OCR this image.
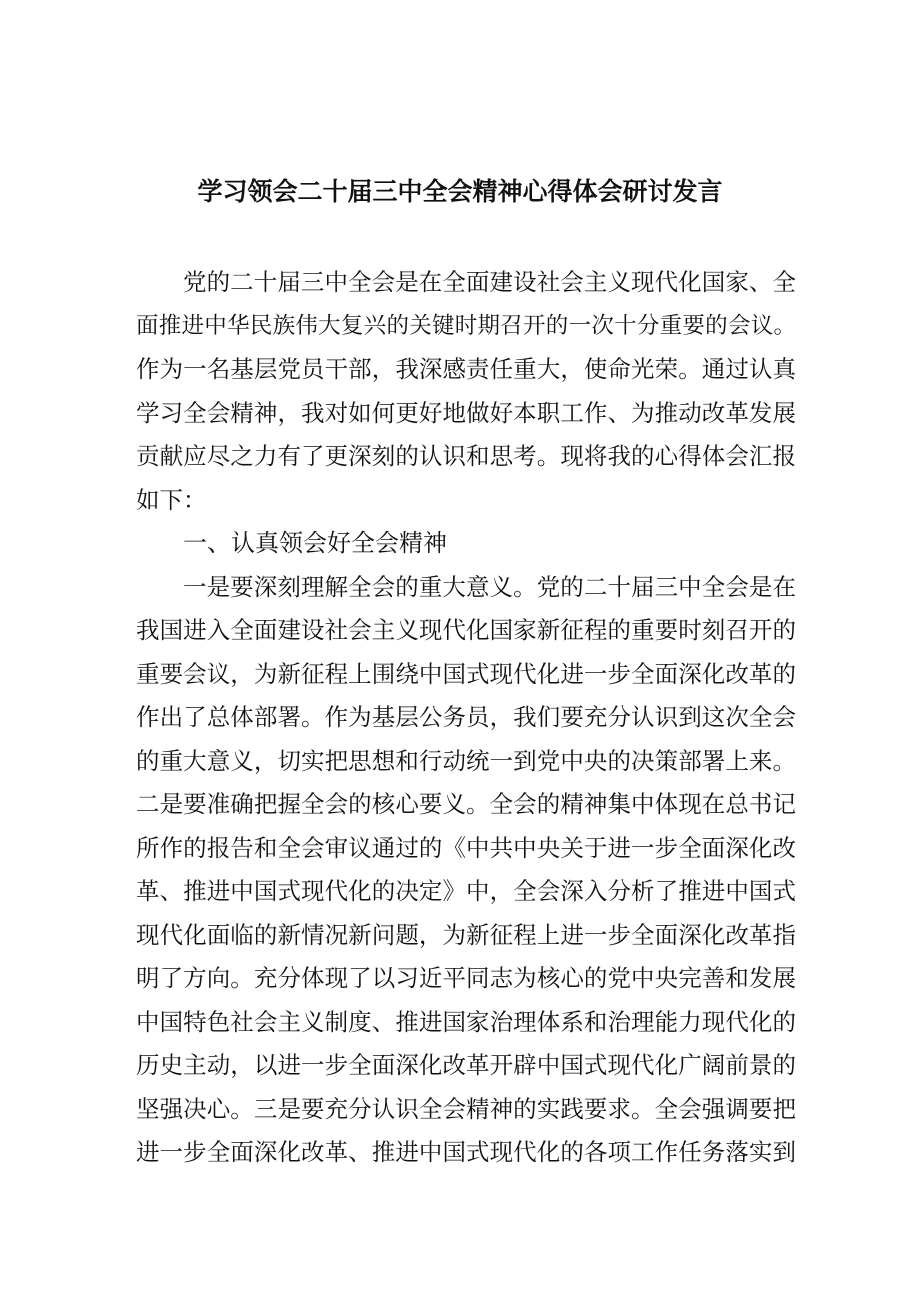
学习领会二十届三中全会精神心得体会研讨发言
党的二十届三中全会是在全面建设社会主义现代化国家、全
面推进中华民族伟大复兴的关键时期召开的一次十分重要的会议。
作为一名基层党员干部，我深感责任重大，使命光荣。通过认真
学习全会精神，我对如何更好地做好本职工作、为推动改革发展
贡献应尽之力有了更深刻的认识和思考。现将我的心得体会汇报
如下：
一、认真领会好全会精神
一是要深刻理解全会的重大意义。党的二十届三中全会是在
我国进入全面建设社会主义现代化国家新征程的重要时刻召开的
重要会议，为新征程上围绕中国式现代化进一步全面深化改革的
作出了总体部署。作为基层公务员，我们要充分认识到这次全会
的重大意义，切实把思想和行动统一到党中央的决策部署上来。
二是要准确把握全会的核心要义。全会的精神集中体现在总书记
所作的报告和全会审议通过的《中共中央关于进一步全面深化改
革、推进中国式现代化的决定》中，全会深入分析了推进中国式
现代化面临的新情况新问题，为新征程上进一步全面深化改革指
明了方向。充分体现了以习近平同志为核心的党中央完善和发展
中国特色社会主义制度、推进国家治理体系和治理能力现代化的
历史主动，以进一步全面深化改革开辟中国式现代化广阔前景的
坚强决心。三是要充分认识全会精神的实践要求。全会强调要把
进一步全面深化改革、推进中国式现代化的各项工作任务落实到
